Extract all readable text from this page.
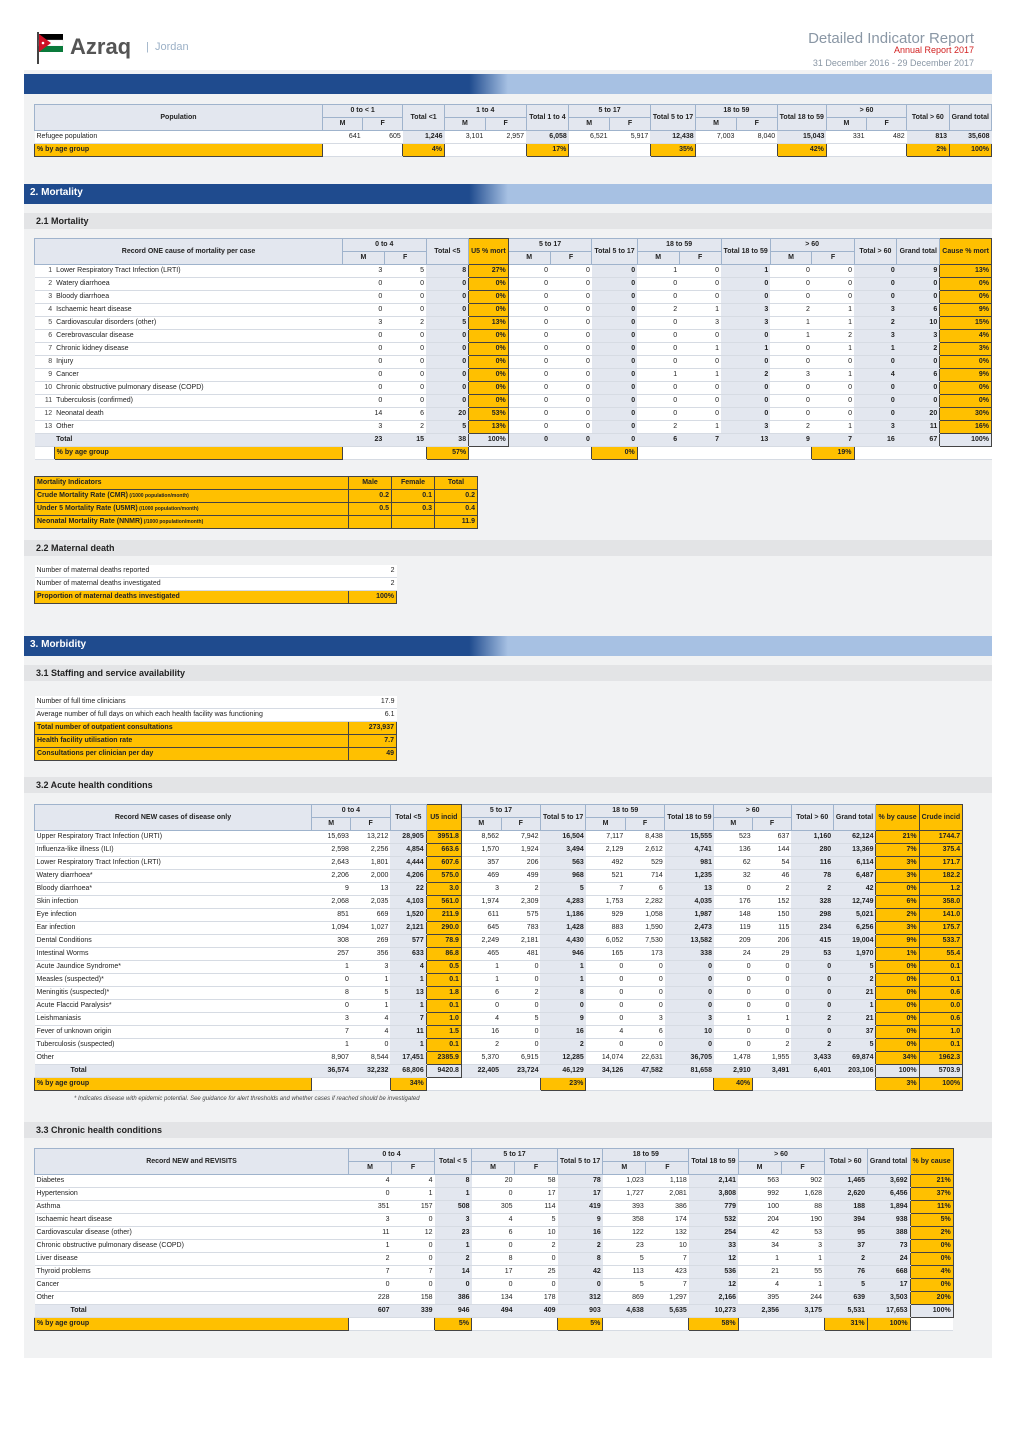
Azraq | Jordan	Detailed Indicator Report
Annual Report 2017
31 December 2016 - 29 December 2017
Population	0 to < 1		Total <1	1 to 4		Total 1 to 4	5 to 17		Total 5 to 17	18 to 59		Total 18 to 59	> 60		Total > 60	Grand total
	M	F		M	F		M	F		M	F		M	F		
Refugee population	641	605	1,246	3,101	2,957	6,058	6,521	5,917	12,438	7,003	8,040	15,043	331	482	813	35,608
% by age group			4%			17%			35%			42%			2%	100%
2. Mortality
2.1 Mortality
Record ONE cause of mortality per case		0 to 4		Total <5	U5 % mort	5 to 17		Total 5 to 17	18 to 59		Total 18 to 59	> 60		Total > 60	Grand total	Cause % mort
		M	F			M	F		M	F		M	F			
1	Lower Respiratory Tract Infection (LRTI)	3	5	8	27%	0	0	0	1	0	1	0	0	0	9	13%
2	Watery diarrhoea	0	0	0	0%	0	0	0	0	0	0	0	0	0	0	0%
3	Bloody diarrhoea	0	0	0	0%	0	0	0	0	0	0	0	0	0	0	0%
4	Ischaemic heart disease	0	0	0	0%	0	0	0	2	1	3	2	1	3	6	9%
5	Cardiovascular disorders (other)	3	2	5	13%	0	0	0	0	3	3	1	1	2	10	15%
6	Cerebrovascular disease	0	0	0	0%	0	0	0	0	0	0	1	2	3	3	4%
7	Chronic kidney disease	0	0	0	0%	0	0	0	0	1	1	0	1	1	2	3%
8	Injury	0	0	0	0%	0	0	0	0	0	0	0	0	0	0	0%
9	Cancer	0	0	0	0%	0	0	0	1	1	2	3	1	4	6	9%
10	Chronic obstructive pulmonary disease (COPD)	0	0	0	0%	0	0	0	0	0	0	0	0	0	0	0%
11	Tuberculosis (confirmed)	0	0	0	0%	0	0	0	0	0	0	0	0	0	0	0%
12	Neonatal death	14	6	20	53%	0	0	0	0	0	0	0	0	0	20	30%
13	Other	3	2	5	13%	0	0	0	2	1	3	2	1	3	11	16%
	Total	23	15	38	100%	0	0	0	6	7	13	9	7	16	67	100%
	% by age group			57%				0%					19%			
Mortality Indicators	Male	Female	Total
Crude Mortality Rate (CMR) (/1000 population/month)	0.2	0.1	0.2
Under 5 Mortality Rate (U5MR) (/1000 population/month)	0.5	0.3	0.4
Neonatal Mortality Rate (NNMR) (/1000 population/month)			11.9
2.2 Maternal death
Number of maternal deaths reported	2
Number of maternal deaths investigated	2
Proportion of maternal deaths investigated	100%
3. Morbidity
3.1 Staffing and service availability
Number of full time clinicians	17.9
Average number of full days on which each health facility was functioning	6.1
Total number of outpatient consultations	273,937
Health facility utilisation rate	7.7
Consultations per clinician per day	49
3.2 Acute health conditions
Record NEW cases of disease only	0 to 4		Total <5	U5 incid	5 to 17		Total 5 to 17	18 to 59		Total 18 to 59	> 60		Total > 60	Grand total	% by cause	Crude incid
	M	F			M	F		M	F		M	F				
Upper Respiratory Tract Infection (URTI)	15,693	13,212	28,905	3951.8	8,562	7,942	16,504	7,117	8,438	15,555	523	637	1,160	62,124	21%	1744.7
Influenza-like illness (ILI)	2,598	2,256	4,854	663.6	1,570	1,924	3,494	2,129	2,612	4,741	136	144	280	13,369	7%	375.4
Lower Respiratory Tract Infection (LRTI)	2,643	1,801	4,444	607.6	357	206	563	492	529	981	62	54	116	6,114	3%	171.7
Watery diarrhoea*	2,206	2,000	4,206	575.0	469	499	968	521	714	1,235	32	46	78	6,487	3%	182.2
Bloody diarrhoea*	9	13	22	3.0	3	2	5	7	6	13	0	2	2	42	0%	1.2
Skin infection	2,068	2,035	4,103	561.0	1,974	2,309	4,283	1,753	2,282	4,035	176	152	328	12,749	6%	358.0
Eye infection	851	669	1,520	211.9	611	575	1,186	929	1,058	1,987	148	150	298	5,021	2%	141.0
Ear infection	1,094	1,027	2,121	290.0	645	783	1,428	883	1,590	2,473	119	115	234	6,256	3%	175.7
Dental Conditions	308	269	577	78.9	2,249	2,181	4,430	6,052	7,530	13,582	209	206	415	19,004	9%	533.7
Intestinal Worms	257	356	633	86.8	465	481	946	165	173	338	24	29	53	1,970	1%	55.4
Acute Jaundice Syndrome*	1	3	4	0.5	1	0	1	0	0	0	0	0	0	5	0%	0.1
Measles (suspected)*	0	1	1	0.1	1	0	1	0	0	0	0	0	0	2	0%	0.1
Meningitis (suspected)*	8	5	13	1.8	6	2	8	0	0	0	0	0	0	21	0%	0.6
Acute Flaccid Paralysis*	0	1	1	0.1	0	0	0	0	0	0	0	0	0	1	0%	0.0
Leishmaniasis	3	4	7	1.0	4	5	9	0	3	3	1	1	2	21	0%	0.6
Fever of unknown origin	7	4	11	1.5	16	0	16	4	6	10	0	0	0	37	0%	1.0
Tuberculosis (suspected)	1	0	1	0.1	2	0	2	0	0	0	0	2	2	5	0%	0.1
Other	8,907	8,544	17,451	2385.9	5,370	6,915	12,285	14,074	22,631	36,705	1,478	1,955	3,433	69,874	34%	1962.3
Total	36,574	32,232	68,806	9420.8	22,405	23,724	46,129	34,126	47,582	81,658	2,910	3,491	6,401	203,106	100%	5703.9
% by age group			34%				23%				40%				3%	100%
* Indicates disease with epidemic potential. See guidance for alert thresholds and whether cases if reached should be investigated
3.3 Chronic health conditions
Record NEW and REVISITS	0 to 4		Total < 5	5 to 17		Total 5 to 17	18 to 59		Total 18 to 59	> 60		Total > 60	Grand total	% by cause
	M	F		M	F		M	F		M	F			
Diabetes	4	4	8	20	58	78	1,023	1,118	2,141	563	902	1,465	3,692	21%
Hypertension	0	1	1	0	17	17	1,727	2,081	3,808	992	1,628	2,620	6,456	37%
Asthma	351	157	508	305	114	419	393	386	779	100	88	188	1,894	11%
Ischaemic heart disease	3	0	3	4	5	9	358	174	532	204	190	394	938	5%
Cardiovascular disease (other)	11	12	23	6	10	16	122	132	254	42	53	95	388	2%
Chronic obstructive pulmonary disease (COPD)	1	0	1	0	2	2	23	10	33	34	3	37	73	0%
Liver disease	2	0	2	8	0	8	5	7	12	1	1	2	24	0%
Thyroid problems	7	7	14	17	25	42	113	423	536	21	55	76	668	4%
Cancer	0	0	0	0	0	0	5	7	12	4	1	5	17	0%
Other	228	158	386	134	178	312	869	1,297	2,166	395	244	639	3,503	20%
Total	607	339	946	494	409	903	4,638	5,635	10,273	2,356	3,175	5,531	17,653	100%
% by age group			5%			5%			58%			31%	100%	
